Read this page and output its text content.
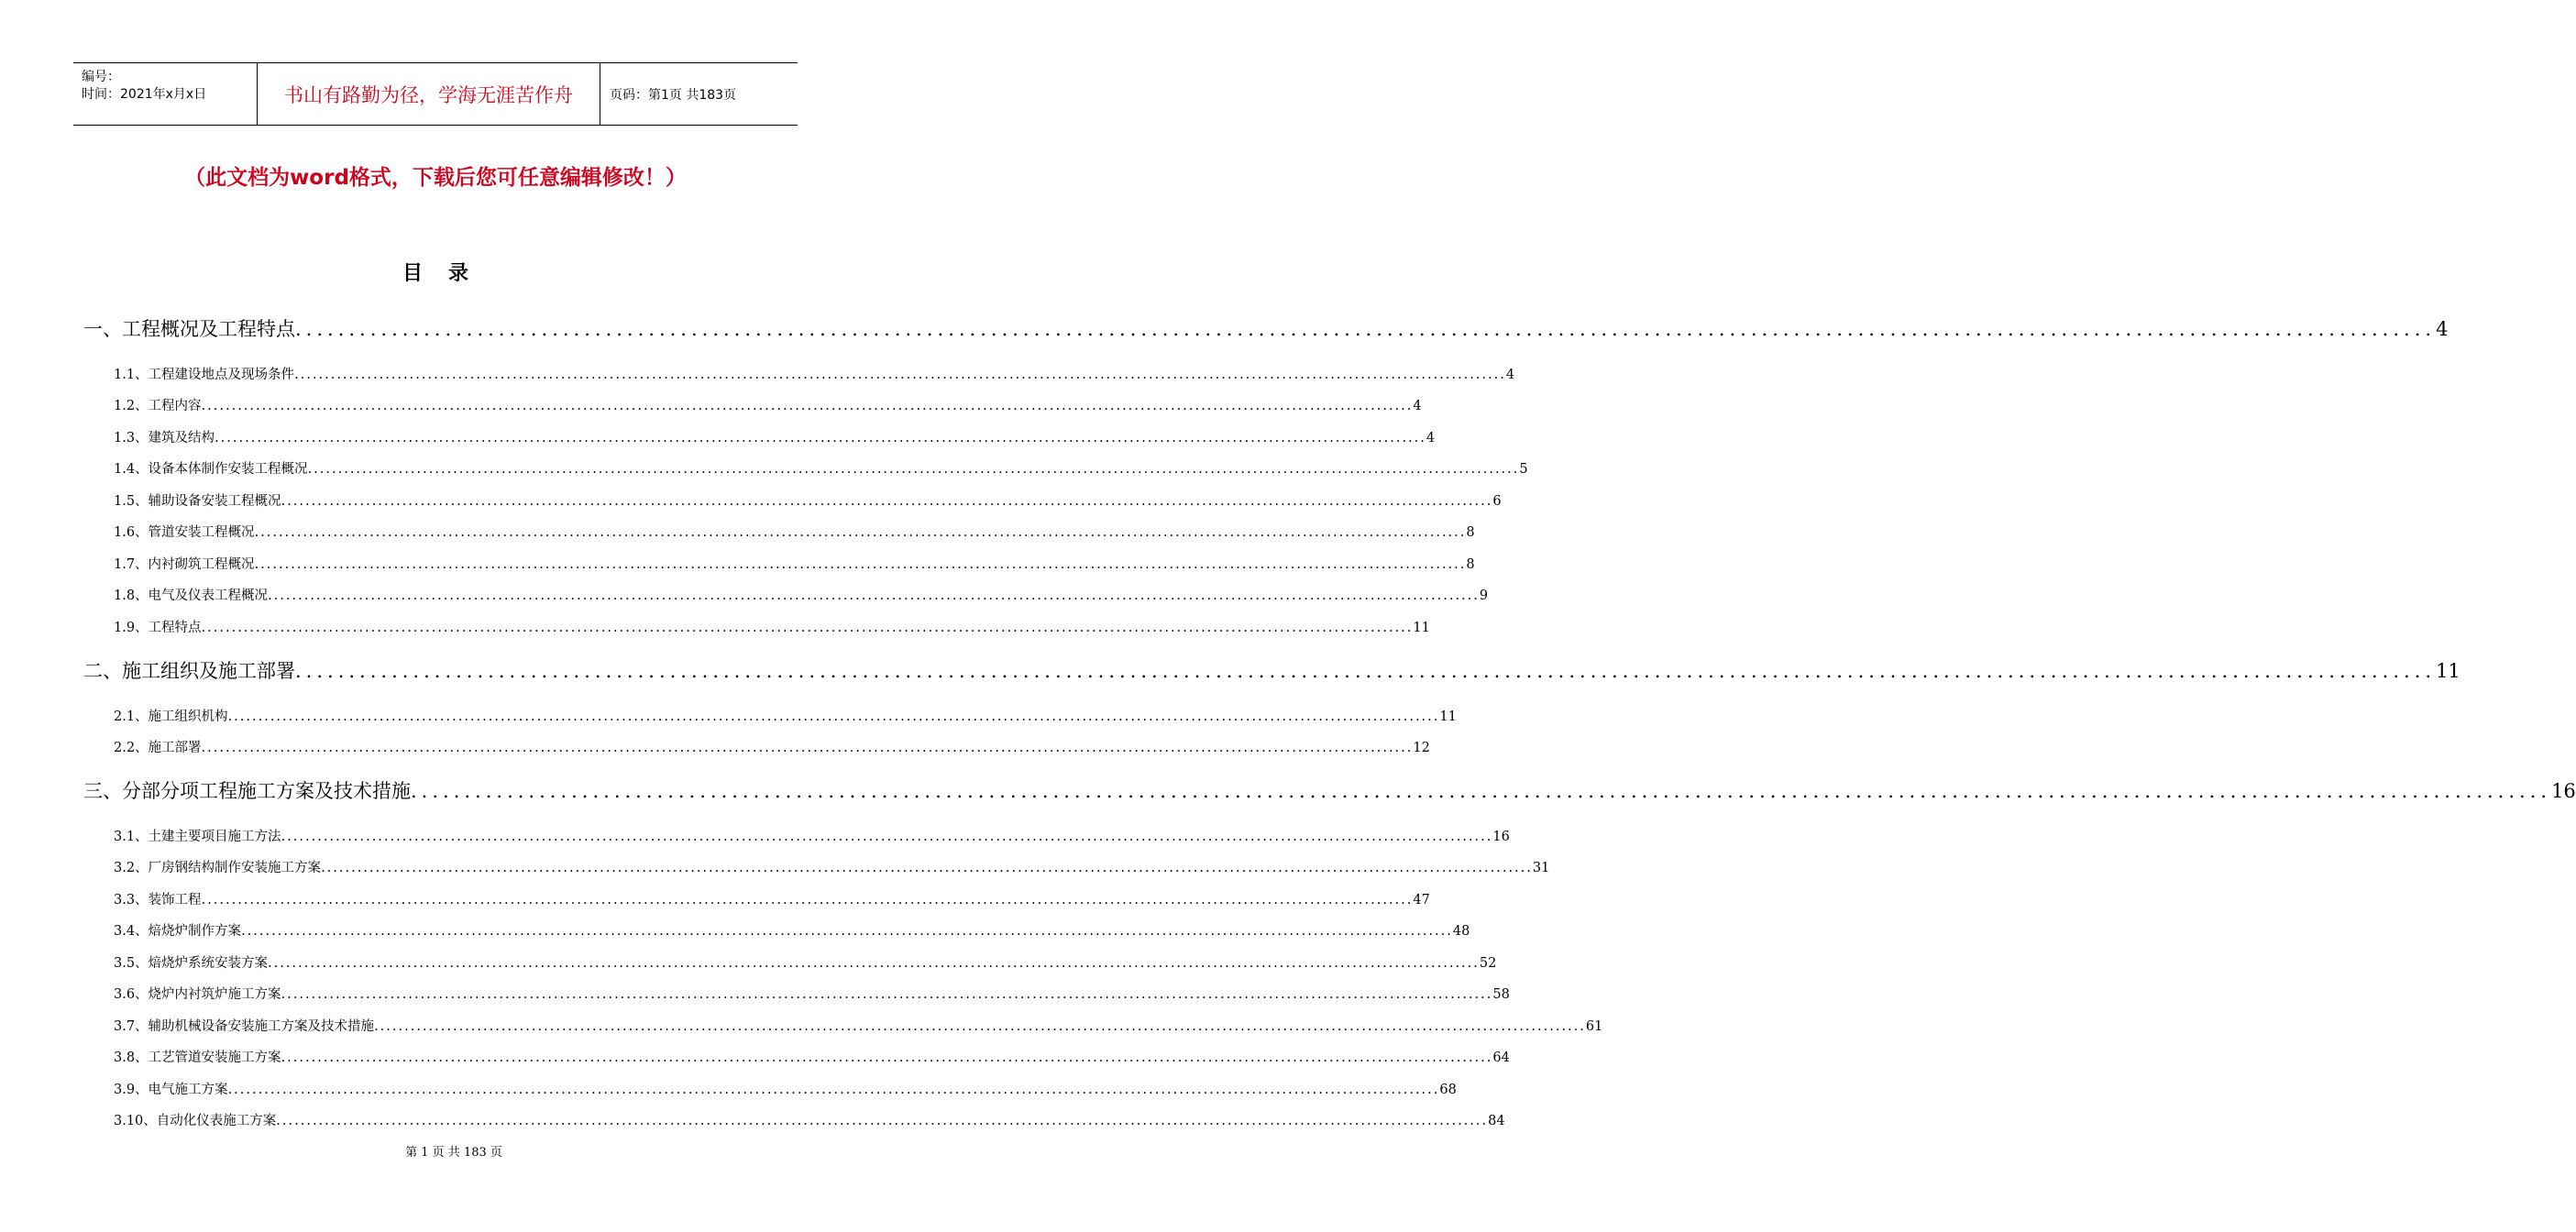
编号：
时间：2021年x月x日	书山有路勤为径，学海无涯苦作舟	页码：第1页 共183页
（此文档为word格式，下载后您可任意编辑修改！）
目录
一、工程概况及工程特点 ........................................................................................................................................................................................................ 4
1.1、工程建设地点及现场条件 ........................................................................................................................................................................................................ 4
1.2、工程内容 ........................................................................................................................................................................................................ 4
1.3、建筑及结构 ........................................................................................................................................................................................................ 4
1.4、设备本体制作安装工程概况 ........................................................................................................................................................................................................ 5
1.5、辅助设备安装工程概况 ........................................................................................................................................................................................................ 6
1.6、管道安装工程概况 ........................................................................................................................................................................................................ 8
1.7、内衬砌筑工程概况 ........................................................................................................................................................................................................ 8
1.8、电气及仪表工程概况 ........................................................................................................................................................................................................ 9
1.9、工程特点 ........................................................................................................................................................................................................ 11
二、施工组织及施工部署 ........................................................................................................................................................................................................ 11
2.1、施工组织机构 ........................................................................................................................................................................................................ 11
2.2、施工部署 ........................................................................................................................................................................................................ 12
三、分部分项工程施工方案及技术措施 ........................................................................................................................................................................................................ 16
3.1、土建主要项目施工方法 ........................................................................................................................................................................................................ 16
3.2、厂房钢结构制作安装施工方案 ........................................................................................................................................................................................................ 31
3.3、装饰工程 ........................................................................................................................................................................................................ 47
3.4、焙烧炉制作方案 ........................................................................................................................................................................................................ 48
3.5、焙烧炉系统安装方案 ........................................................................................................................................................................................................ 52
3.6、烧炉内衬筑炉施工方案 ........................................................................................................................................................................................................ 58
3.7、辅助机械设备安装施工方案及技术措施 ........................................................................................................................................................................................................ 61
3.8、工艺管道安装施工方案 ........................................................................................................................................................................................................ 64
3.9、电气施工方案 ........................................................................................................................................................................................................ 68
3.10、自动化仪表施工方案 ........................................................................................................................................................................................................ 84
第 1 页 共 183 页
